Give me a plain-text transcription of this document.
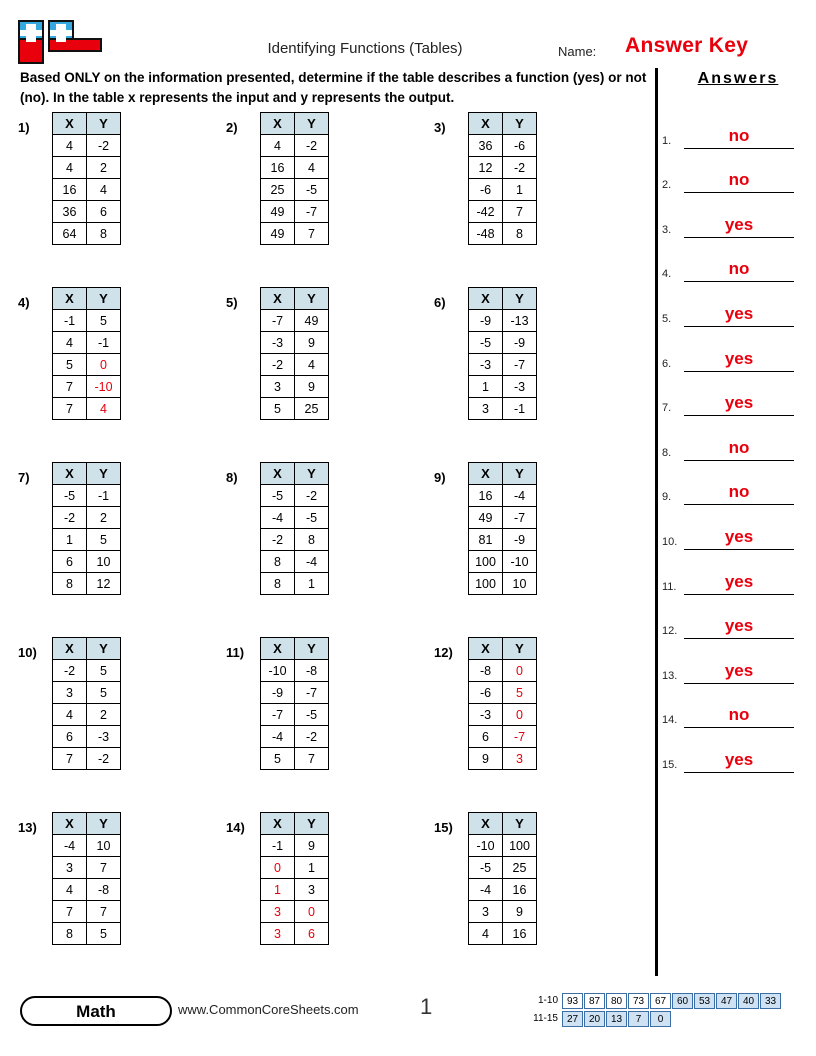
Identifying Functions (Tables)	Name: Answer Key
Based ONLY on the information presented, determine if the table describes a function (yes) or not (no). In the table x represents the input and y represents the output.
Answers
1.	no
2.	no
3.	yes
4.	no
5.	yes
6.	yes
7.	yes
8.	no
9.	no
10.	yes
11.	yes
12.	yes
13.	yes
14.	no
15.	yes
1)	X	Y
4	-2
4	2
16	4
36	6
64	8
2)	X	Y
4	-2
16	4
25	-5
49	-7
49	7
3)	X	Y
36	-6
12	-2
-6	1
-42	7
-48	8
4)	X	Y
-1	5
4	-1
5	0
7	-10
7	4
5)	X	Y
-7	49
-3	9
-2	4
3	9
5	25
6)	X	Y
-9	-13
-5	-9
-3	-7
1	-3
3	-1
7)	X	Y
-5	-1
-2	2
1	5
6	10
8	12
8)	X	Y
-5	-2
-4	-5
-2	8
8	-4
8	1
9)	X	Y
16	-4
49	-7
81	-9
100	-10
100	10
10) X	Y
-2	5
3	5
4	2
6	-3
7	-2
11) X	Y
-10	-8
-9	-7
-7	-5
-4	-2
5	7
12) X	Y
-8	0
-6	5
-3	0
6	-7
9	3
13) X	Y
-4	10
3	7
4	-8
7	7
8	5
14) X	Y
-1	9
0	1
1	3
3	0
3	6
15) X	Y
-10	100
-5	25
-4	16
3	9
4	16
Math	www.CommonCoreSheets.com	1	1-10 93	87	80	73	67	60	53	47	40	33
11-15 27	20	13	7	0
